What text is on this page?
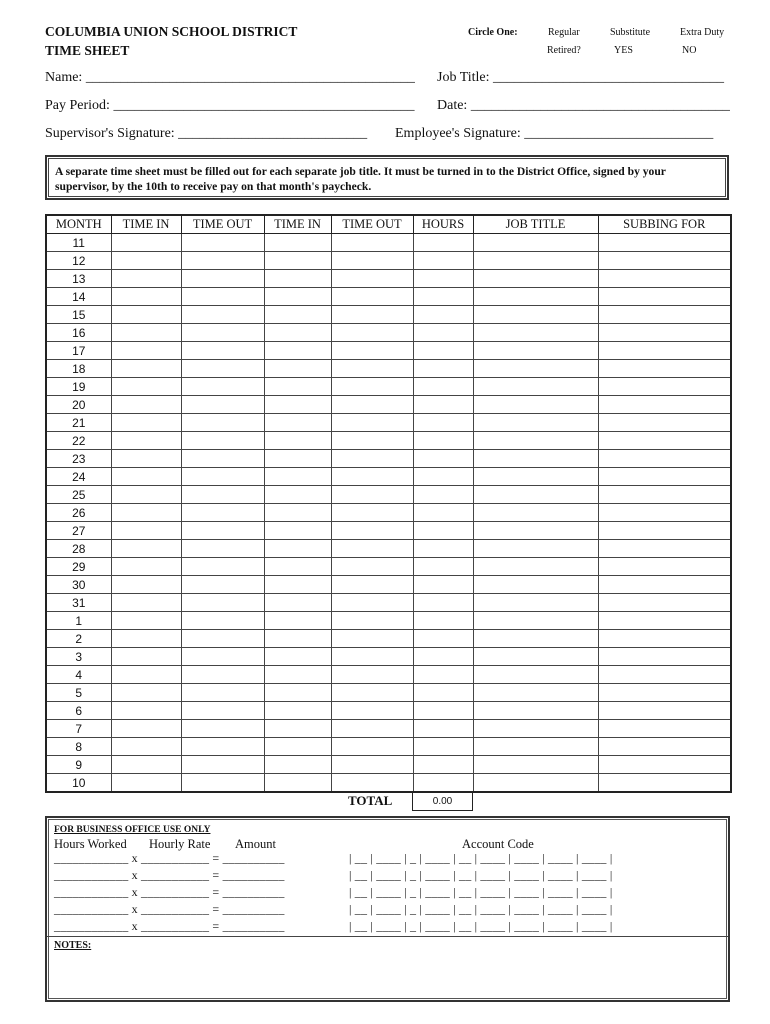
COLUMBIA UNION SCHOOL DISTRICT
TIME SHEET
Circle One:	Regular	Substitute	Extra Duty
Retired?	YES	NO
Name: _______________________________________________ Job Title: _________________________________
Pay Period: ___________________________________________ Date: _____________________________________
Supervisor's Signature: ___________________________ Employee's Signature: ___________________________
A separate time sheet must be filled out for each separate job title. It must be turned in to the District Office, signed by your supervisor, by the 10th to receive pay on that month's paycheck.
MONTH	TIME IN	TIME OUT	TIME IN	TIME OUT	HOURS	JOB TITLE	SUBBING FOR
11							
12							
13							
14							
15							
16							
17							
18							
19							
20							
21							
22							
23							
24							
25							
26							
27							
28							
29							
30							
31							
1							
2							
3							
4							
5							
6							
7							
8							
9							
10							
TOTAL	0.00
FOR BUSINESS OFFICE USE ONLY
Hours Worked Hourly Rate Amount	Account Code
____________ x ___________ = __________	| __ | ____ | _ | ____ | __ | ____ | ____ | ____ | ____ |
____________ x ___________ = __________	| __ | ____ | _ | ____ | __ | ____ | ____ | ____ | ____ |
____________ x ___________ = __________	| __ | ____ | _ | ____ | __ | ____ | ____ | ____ | ____ |
____________ x ___________ = __________	| __ | ____ | _ | ____ | __ | ____ | ____ | ____ | ____ |
____________ x ___________ = __________	| __ | ____ | _ | ____ | __ | ____ | ____ | ____ | ____ |
NOTES:
